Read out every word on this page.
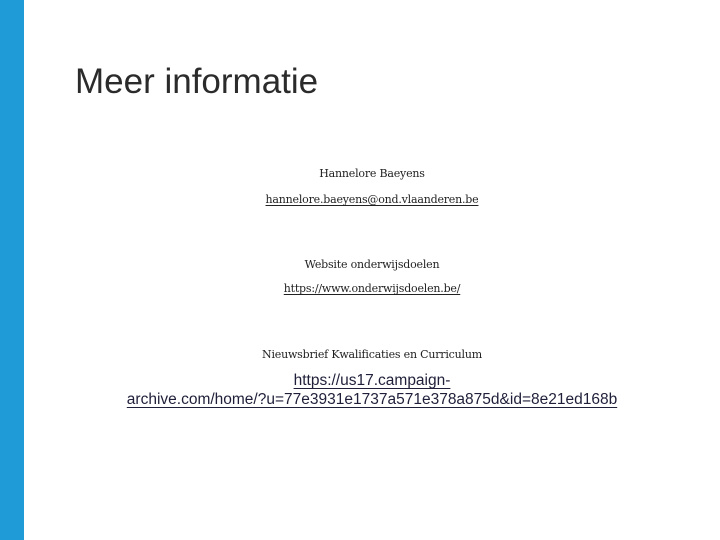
Meer informatie
Hannelore Baeyens
hannelore.baeyens@ond.vlaanderen.be
Website onderwijsdoelen
https://www.onderwijsdoelen.be/
Nieuwsbrief Kwalificaties en Curriculum
https://us17.campaign-
archive.com/home/?u=77e3931e1737a571e378a875d&id=8e21ed168b
